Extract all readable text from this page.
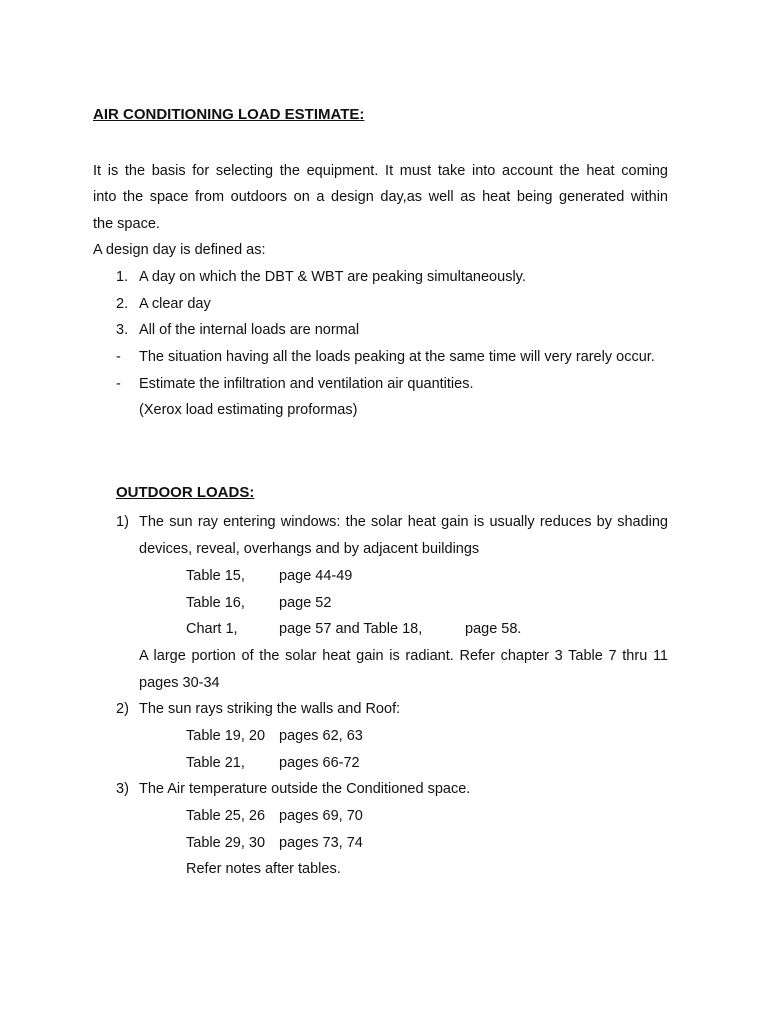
AIR CONDITIONING LOAD ESTIMATE:
It is the basis for selecting the equipment. It must take into account the heat coming
into the space from outdoors on a design day,as well as heat being generated within
the space.
A design day is defined as:
1. A day on which the DBT & WBT are peaking simultaneously.
2. A clear day
3. All of the internal loads are normal
- The situation having all the loads peaking at the same time will very rarely occur.
- Estimate the infiltration and ventilation air quantities.
(Xerox load estimating proformas)
OUTDOOR LOADS:
1) The sun ray entering windows: the solar heat gain is usually reduces by shading
devices, reveal, overhangs and by adjacent buildings
Table 15, page 44-49
Table 16, page 52
Chart 1,	page 57 and Table 18,	page 58.
A large portion of the solar heat gain is radiant. Refer chapter 3 Table 7 thru 11
pages 30-34
2) The sun rays striking the walls and Roof:
Table 19, 20 pages 62, 63
Table 21, pages 66-72
3) The Air temperature outside the Conditioned space.
Table 25, 26 pages 69, 70
Table 29, 30 pages 73, 74
Refer notes after tables.
